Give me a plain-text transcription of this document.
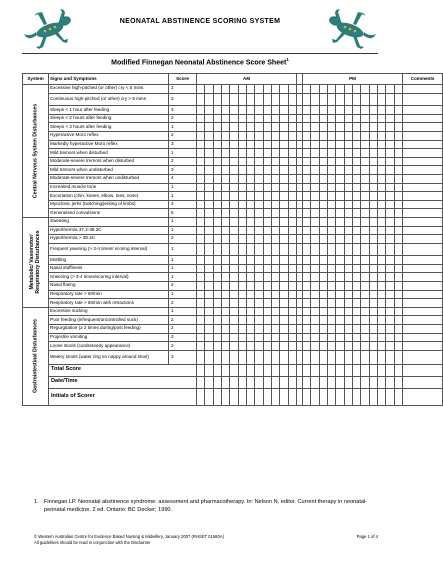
NEONATAL ABSTINENCE SCORING SYSTEM
Modified Finnegan Neonatal Abstinence Score Sheet$^1$
System	Signs and Symptoms	Score	AM													PM												Comments	

Central Nervous System Disturbances	Excessive high-pitched (or other) cry < 5 mins	2																											
	Continuous high-pitched (or other) cry > 5 mins	3																											
	Sleeps < 1 hour after feeding	3																											
	Sleeps < 2 hours after feeding	2																											
	Sleeps < 3 hours after feeding	1																											
	Hyperactive Moro reflex	2																											
	Markedly hyperactive Moro reflex	3																											
	Mild tremors when disturbed	1																											
	Moderate-severe tremors when disturbed	2																											
	Mild tremors when undisturbed	3																											
	Moderate-severe tremors when undisturbed	4																											
	Increased muscle tone	1																											
	Excoriation (chin, knees, elbow, toes, nose)	1																											
	Myoclonic jerks (twitching/jerking of limbs)	3																											
	Generalised convulsions	5																											

Metabolic/ Vasomotor/
Respiratory Disturbances	Sweating	1																											
	Hyperthermia 37.2-38.3C	1																											
	Hyperthermia > 38.4C	2																											
	Frequent yawning (> 3-4 times/ scoring interval)	1																											
	Mottling	1																											
	Nasal stuffiness	1																											
	Sneezing (> 3-4 times/scoring interval)	1																											
	Nasal flaring	2																											
	Respiratory rate > 60/min	1																											
	Respiratory rate > 60/min with retractions	2																											

Gastrointestinal Disturbances	Excessive sucking	1																											
	Poor feeding (infrequent/uncontrolled suck)	2																											
	Regurgitation (≥ 2 times during/post feeding)	2																											
	Projectile vomiting	3																											
	Loose stools (curds/seedy appearance)	2																											
	Watery stools (water ring on nappy around stool)	3																											
	Total Score																												
	Date/Time																												
	Initials of Scorer																												
1. Finnegan LP. Neonatal abstinence syndrome: assessment and pharmacotherapy. In: Nelson N, editor. Current therapy in neonatal-perinatal medicine. 2 ed. Ontario: BC Decker; 1990.
© Western Australian Centre for Evidence Based Nursing & Midwifery, January 2007 (RHSET 01660A)
All guidelines should be read in conjunction with the Disclaimer
Page 1 of 4
